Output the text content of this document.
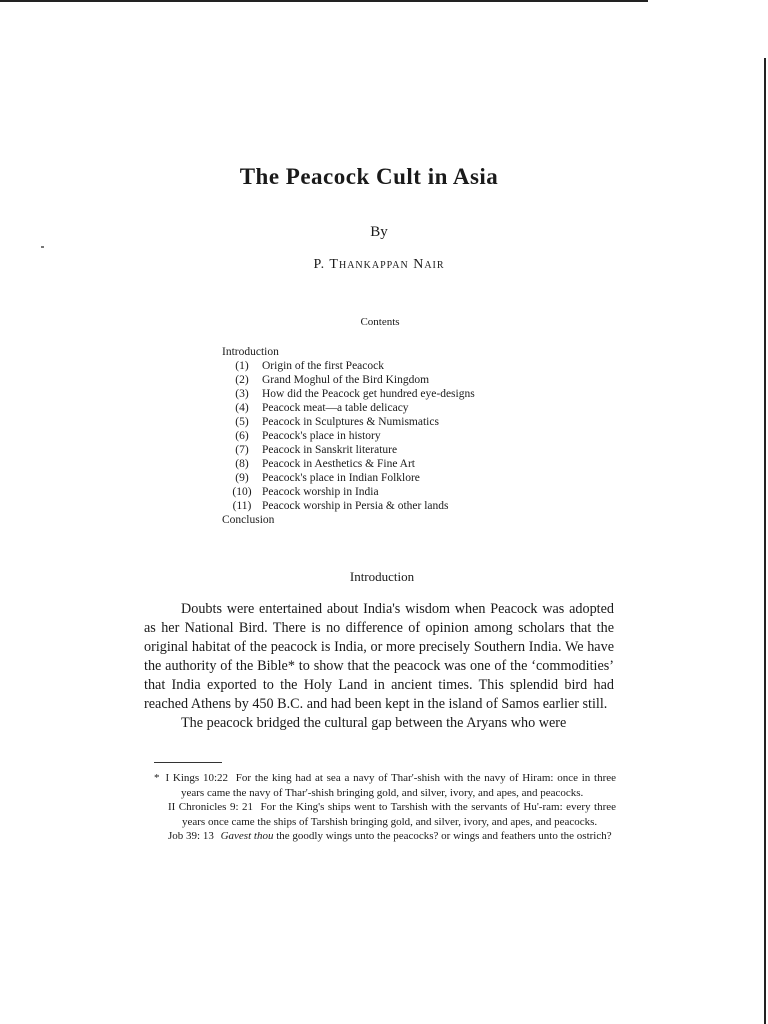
The Peacock Cult in Asia
By
P. Thankappan Nair
Contents
Introduction
(1) Origin of the first Peacock
(2) Grand Moghul of the Bird Kingdom
(3) How did the Peacock get hundred eye-designs
(4) Peacock meat—a table delicacy
(5) Peacock in Sculptures & Numismatics
(6) Peacock's place in history
(7) Peacock in Sanskrit literature
(8) Peacock in Aesthetics & Fine Art
(9) Peacock's place in Indian Folklore
(10) Peacock worship in India
(11) Peacock worship in Persia & other lands
Conclusion
Introduction

Doubts were entertained about India's wisdom when Peacock was adopted as her National Bird. There is no difference of opinion among scholars that the original habitat of the peacock is India, or more precisely Southern India. We have the authority of the Bible* to show that the peacock was one of the ‘commodities’ that India exported to the Holy Land in ancient times. This splendid bird had reached Athens by 450 B.C. and had been kept in the island of Samos earlier still.

The peacock bridged the cultural gap between the Aryans who were

* I Kings 10:22 For the king had at sea a navy of Thar'-shish with the navy of Hiram: once in three years came the navy of Thar'-shish bringing gold, and silver, ivory, and apes, and peacocks.
II Chronicles 9: 21 For the King's ships went to Tarshish with the servants of Hu'-ram: every three years once came the ships of Tarshish bringing gold, and silver, ivory, and apes, and peacocks.
Job 39: 13 Gavest thou the goodly wings unto the peacocks? or wings and feathers unto the ostrich?
